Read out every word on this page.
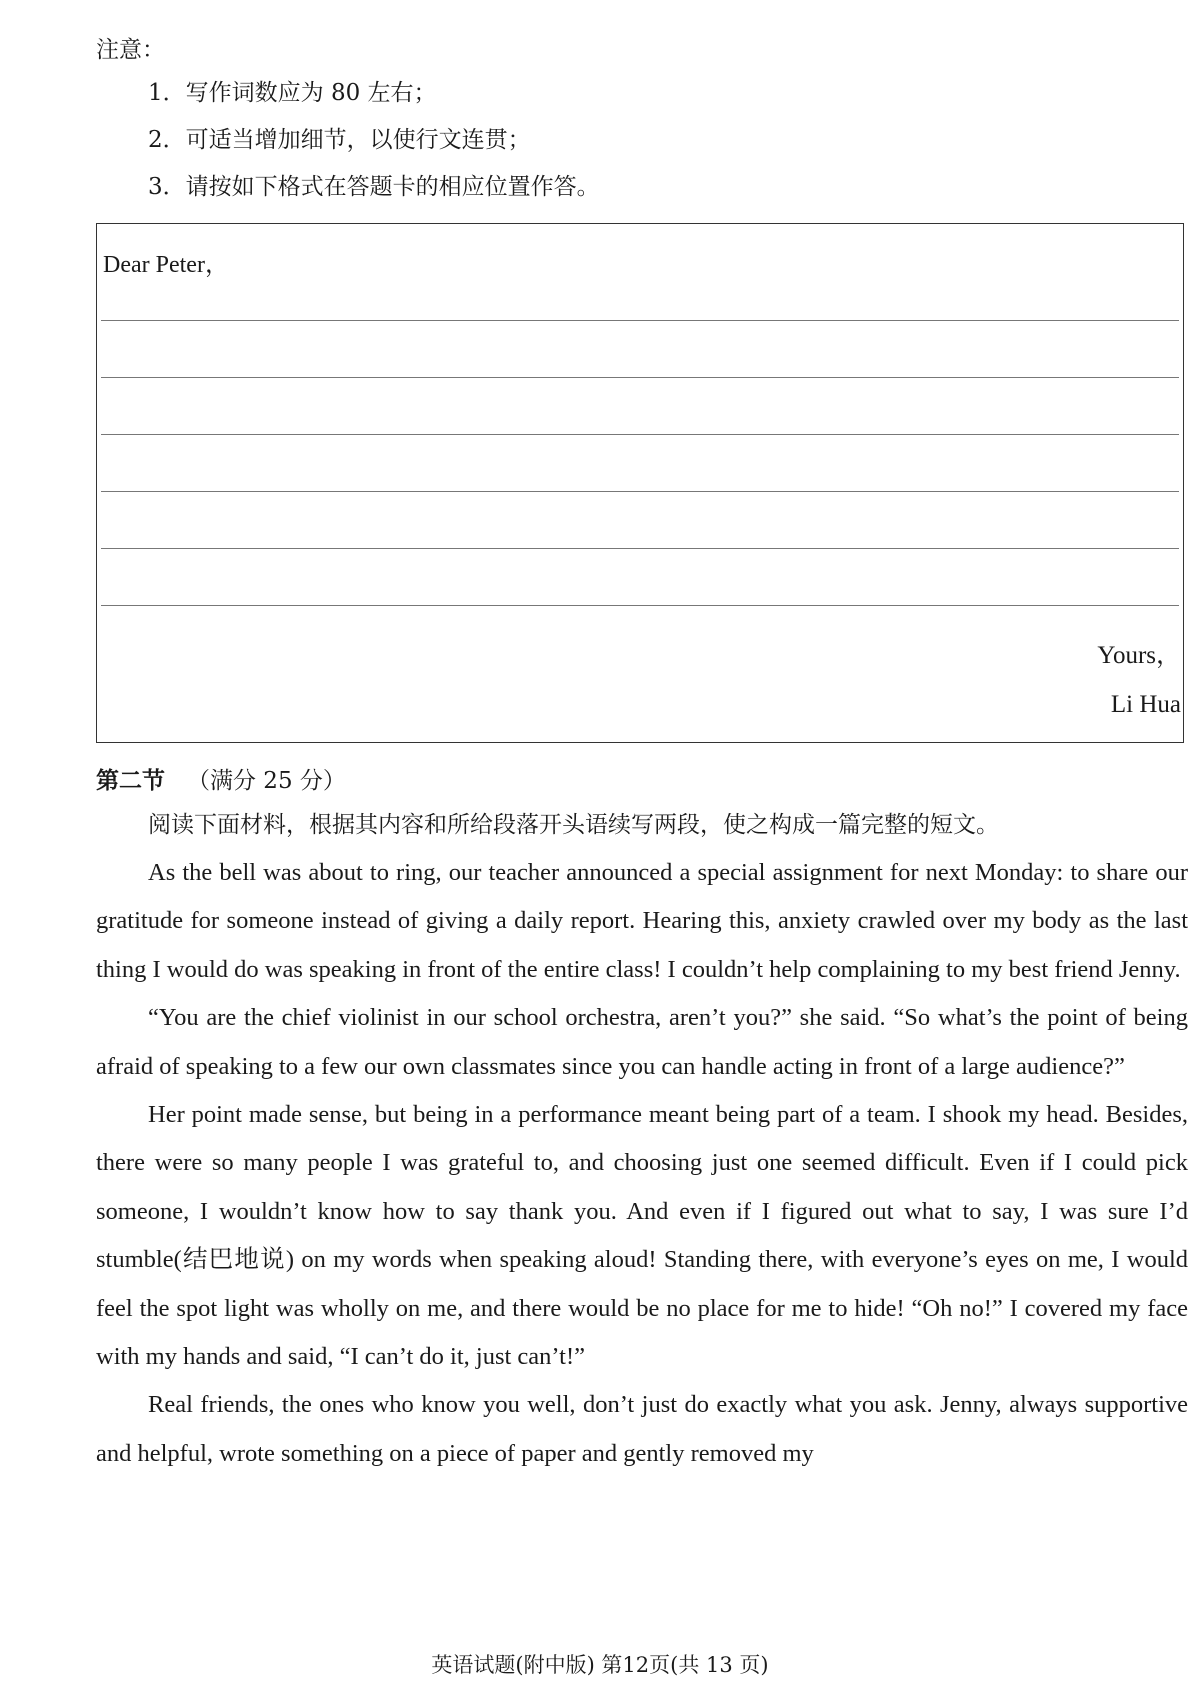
注意：
1．写作词数应为 80 左右；
2．可适当增加细节，以使行文连贯；
3．请按如下格式在答题卡的相应位置作答。
Dear Peter，
Yours，
Li Hua
第二节 （满分 25 分）

阅读下面材料，根据其内容和所给段落开头语续写两段，使之构成一篇完整的短文。

As the bell was about to ring, our teacher announced a special assignment for next Monday: to share our gratitude for someone instead of giving a daily report. Hearing this, anxiety crawled over my body as the last thing I would do was speaking in front of the entire class! I couldn’t help complaining to my best friend Jenny.

“You are the chief violinist in our school orchestra, aren’t you?” she said. “So what’s the point of being afraid of speaking to a few our own classmates since you can handle acting in front of a large audience?”

Her point made sense, but being in a performance meant being part of a team. I shook my head. Besides, there were so many people I was grateful to, and choosing just one seemed difficult. Even if I could pick someone, I wouldn’t know how to say thank you. And even if I figured out what to say, I was sure I’d stumble(结巴地说) on my words when speaking aloud! Standing there, with everyone’s eyes on me, I would feel the spot light was wholly on me, and there would be no place for me to hide! “Oh no!” I covered my face with my hands and said, “I can’t do it, just can’t!”

Real friends, the ones who know you well, don’t just do exactly what you ask. Jenny, always supportive and helpful, wrote something on a piece of paper and gently removed my

英语试题(附中版) 第12页(共 13 页)
